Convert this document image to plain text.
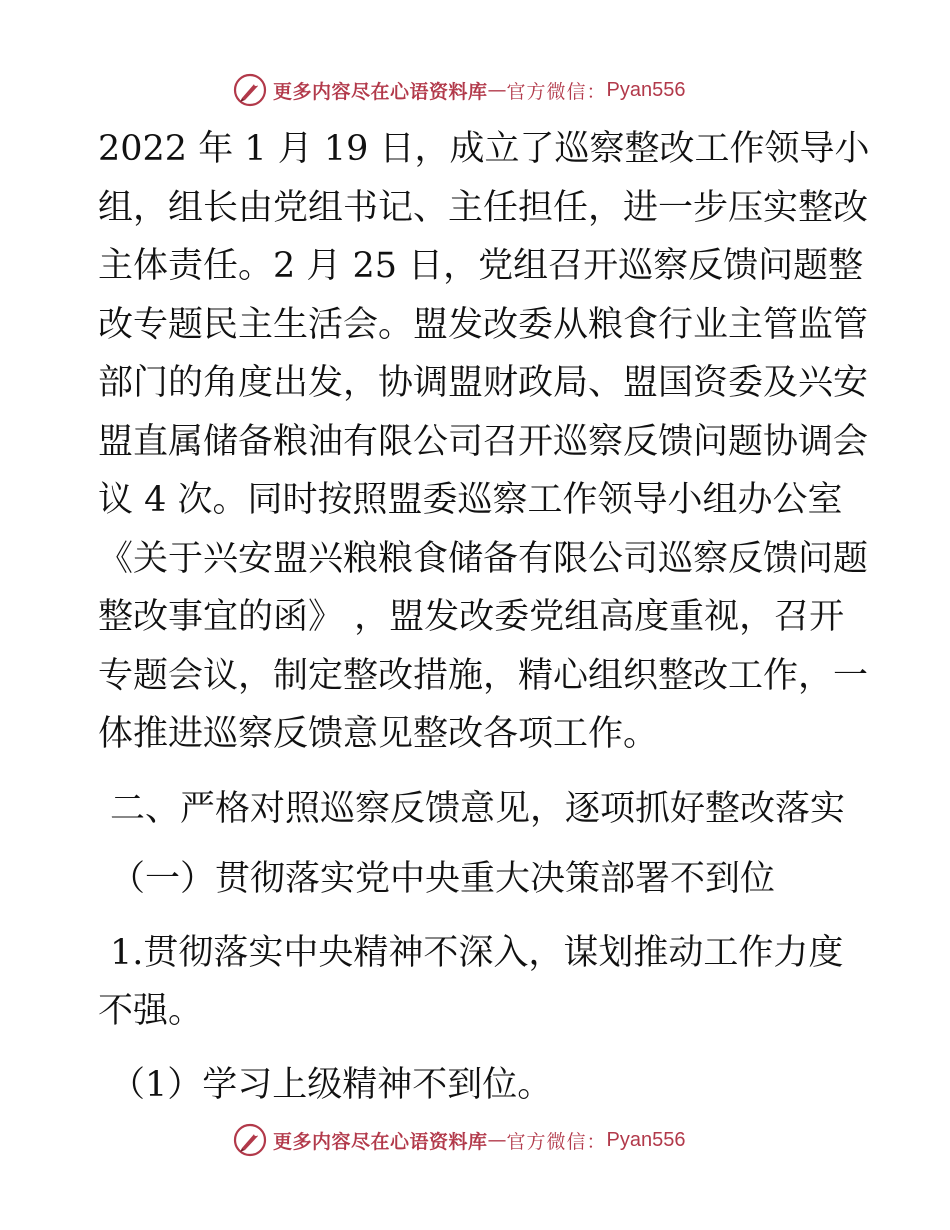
更多内容尽在心语资料库 — 官方微信： Pyan556
2022 年 1 月 19 日，成立了巡察整改工作领导小
组，组长由党组书记、主任担任，进一步压实整改
主体责任。2 月 25 日，党组召开巡察反馈问题整
改专题民主生活会。盟发改委从粮食行业主管监管
部门的角度出发，协调盟财政局、盟国资委及兴安
盟直属储备粮油有限公司召开巡察反馈问题协调会
议 4 次。同时按照盟委巡察工作领导小组办公室
《关于兴安盟兴粮粮食储备有限公司巡察反馈问题
整改事宜的函》 ，盟发改委党组高度重视，召开
专题会议，制定整改措施，精心组织整改工作，一
体推进巡察反馈意见整改各项工作。
二、严格对照巡察反馈意见，逐项抓好整改落实
（一）贯彻落实党中央重大决策部署不到位
1.贯彻落实中央精神不深入，谋划推动工作力度
不强。
（1）学习上级精神不到位。
更多内容尽在心语资料库 — 官方微信： Pyan556
